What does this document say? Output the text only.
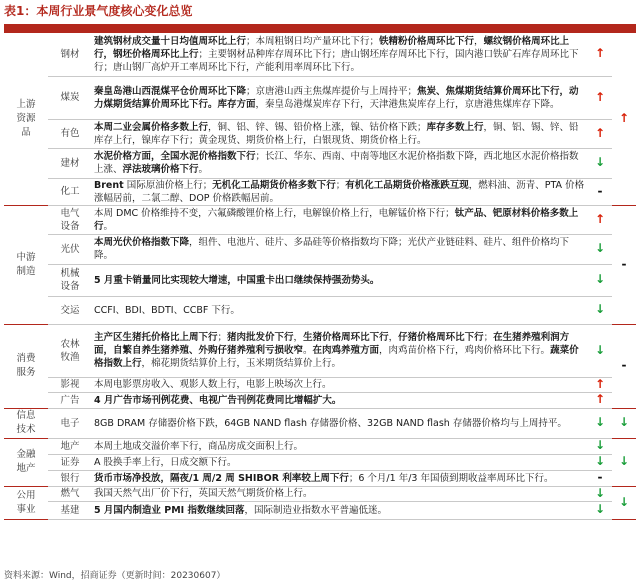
表1：本周行业景气度核心变化总览
上游资源品	钢材	建筑钢材成交量十日均值周环比上行；本周粗钢日均产量环比下行；铁精粉价格周环比下行，螺纹钢价格周环比上行，钢坯价格周环比上行；主要钢材品种库存周环比下行；唐山钢坯库存周环比下行，国内港口铁矿石库存周环比下行；唐山钢厂高炉开工率周环比下行，产能利用率周环比下行。	↑	↑
	煤炭	秦皇岛港山西混煤平仓价周环比下降；京唐港山西主焦煤库提价与上周持平；焦炭、焦煤期货结算价周环比下行，动力煤期货结算价周环比下行。库存方面，秦皇岛港煤炭库存下行，天津港焦炭库存上行，京唐港焦煤库存下降。	↑	
	有色	本周二业会属价格多数上行，铜、铝、锌、锡、铅价格上涨，镍、钴价格下跌；库存多数上行，铜、铝、锡、锌、铅库存上行，镍库存下行；黄金现货、期货价格上行，白银现货、期货价格上行。	↑	
	建材	水泥价格方面，全国水泥价格指数下行；长江、华东、西南、中南等地区水泥价格指数下降，西北地区水泥价格指数上涨、浮法玻璃价格下行。	↓	
	化工	Brent 国际原油价格上行；无机化工品期货价格多数下行；有机化工品期货价格涨跌互现，燃料油、沥青、PTA 价格涨幅居前，二氯二醇、DOP 价格跌幅居前。	-	
中游制造	电气设备	本周 DMC 价格维持不变，六氟磷酸锂价格上行，电解镍价格上行，电解锰价格下行；钛产品、钯原材料价格多数上行。	↑	-
	光伏	本周光伏价格指数下降，组件、电池片、硅片、多晶硅等价格指数均下降；光伏产业链硅料、硅片、组件价格均下降。	↓	
	机械设备	5 月重卡销量同比实现较大增速，中国重卡出口继续保持强劲势头。	↓	
	交运	CCFI、BDI、BDTI、CCBF 下行。	↓	
消费服务	农林牧渔	主产区生猪托价格比上周下行；猪肉批发价下行，生猪价格周环比下行，仔猪价格周环比下行；在生猪养殖利润方面，自繁自养生猪养殖、外购仔猪养殖利亏损收窄。在肉鸡养殖方面，肉鸡苗价格下行，鸡肉价格环比下行。蔬菜价格指数上行，棉花期货结算价上行，玉米期货结算价上行。	↓	-
	影视	本周电影票房收入、观影人数上行，电影上映场次上行。	↑	
	广告	4 月广告市场刊例花费、电视广告刊例花费同比增幅扩大。	↑	
信息技术	电子	8GB DRAM 存储器价格下跌，64GB NAND flash 存储器价格、32GB NAND flash 存储器价格均与上周持平。	↓	↓
金融地产	地产	本周土地成交溢价率下行，商品房成交面积上行。	↓	↓
	证券	A 股换手率上行，日成交额下行。	↓	
	银行	货币市场净投放，隔夜/1 周/2 周 SHIBOR 利率较上周下行；6 个月/1 年/3 年国债到期收益率周环比下行。	-	
公用事业	燃气	我国天然气出厂价下行，英国天然气期货价格上行。	↓	↓
	基建	5 月国内制造业 PMI 指数继续回落，国际制造业指数水平普遍低迷。	↓	
资料来源：Wind，招商证券（更新时间：20230607）
